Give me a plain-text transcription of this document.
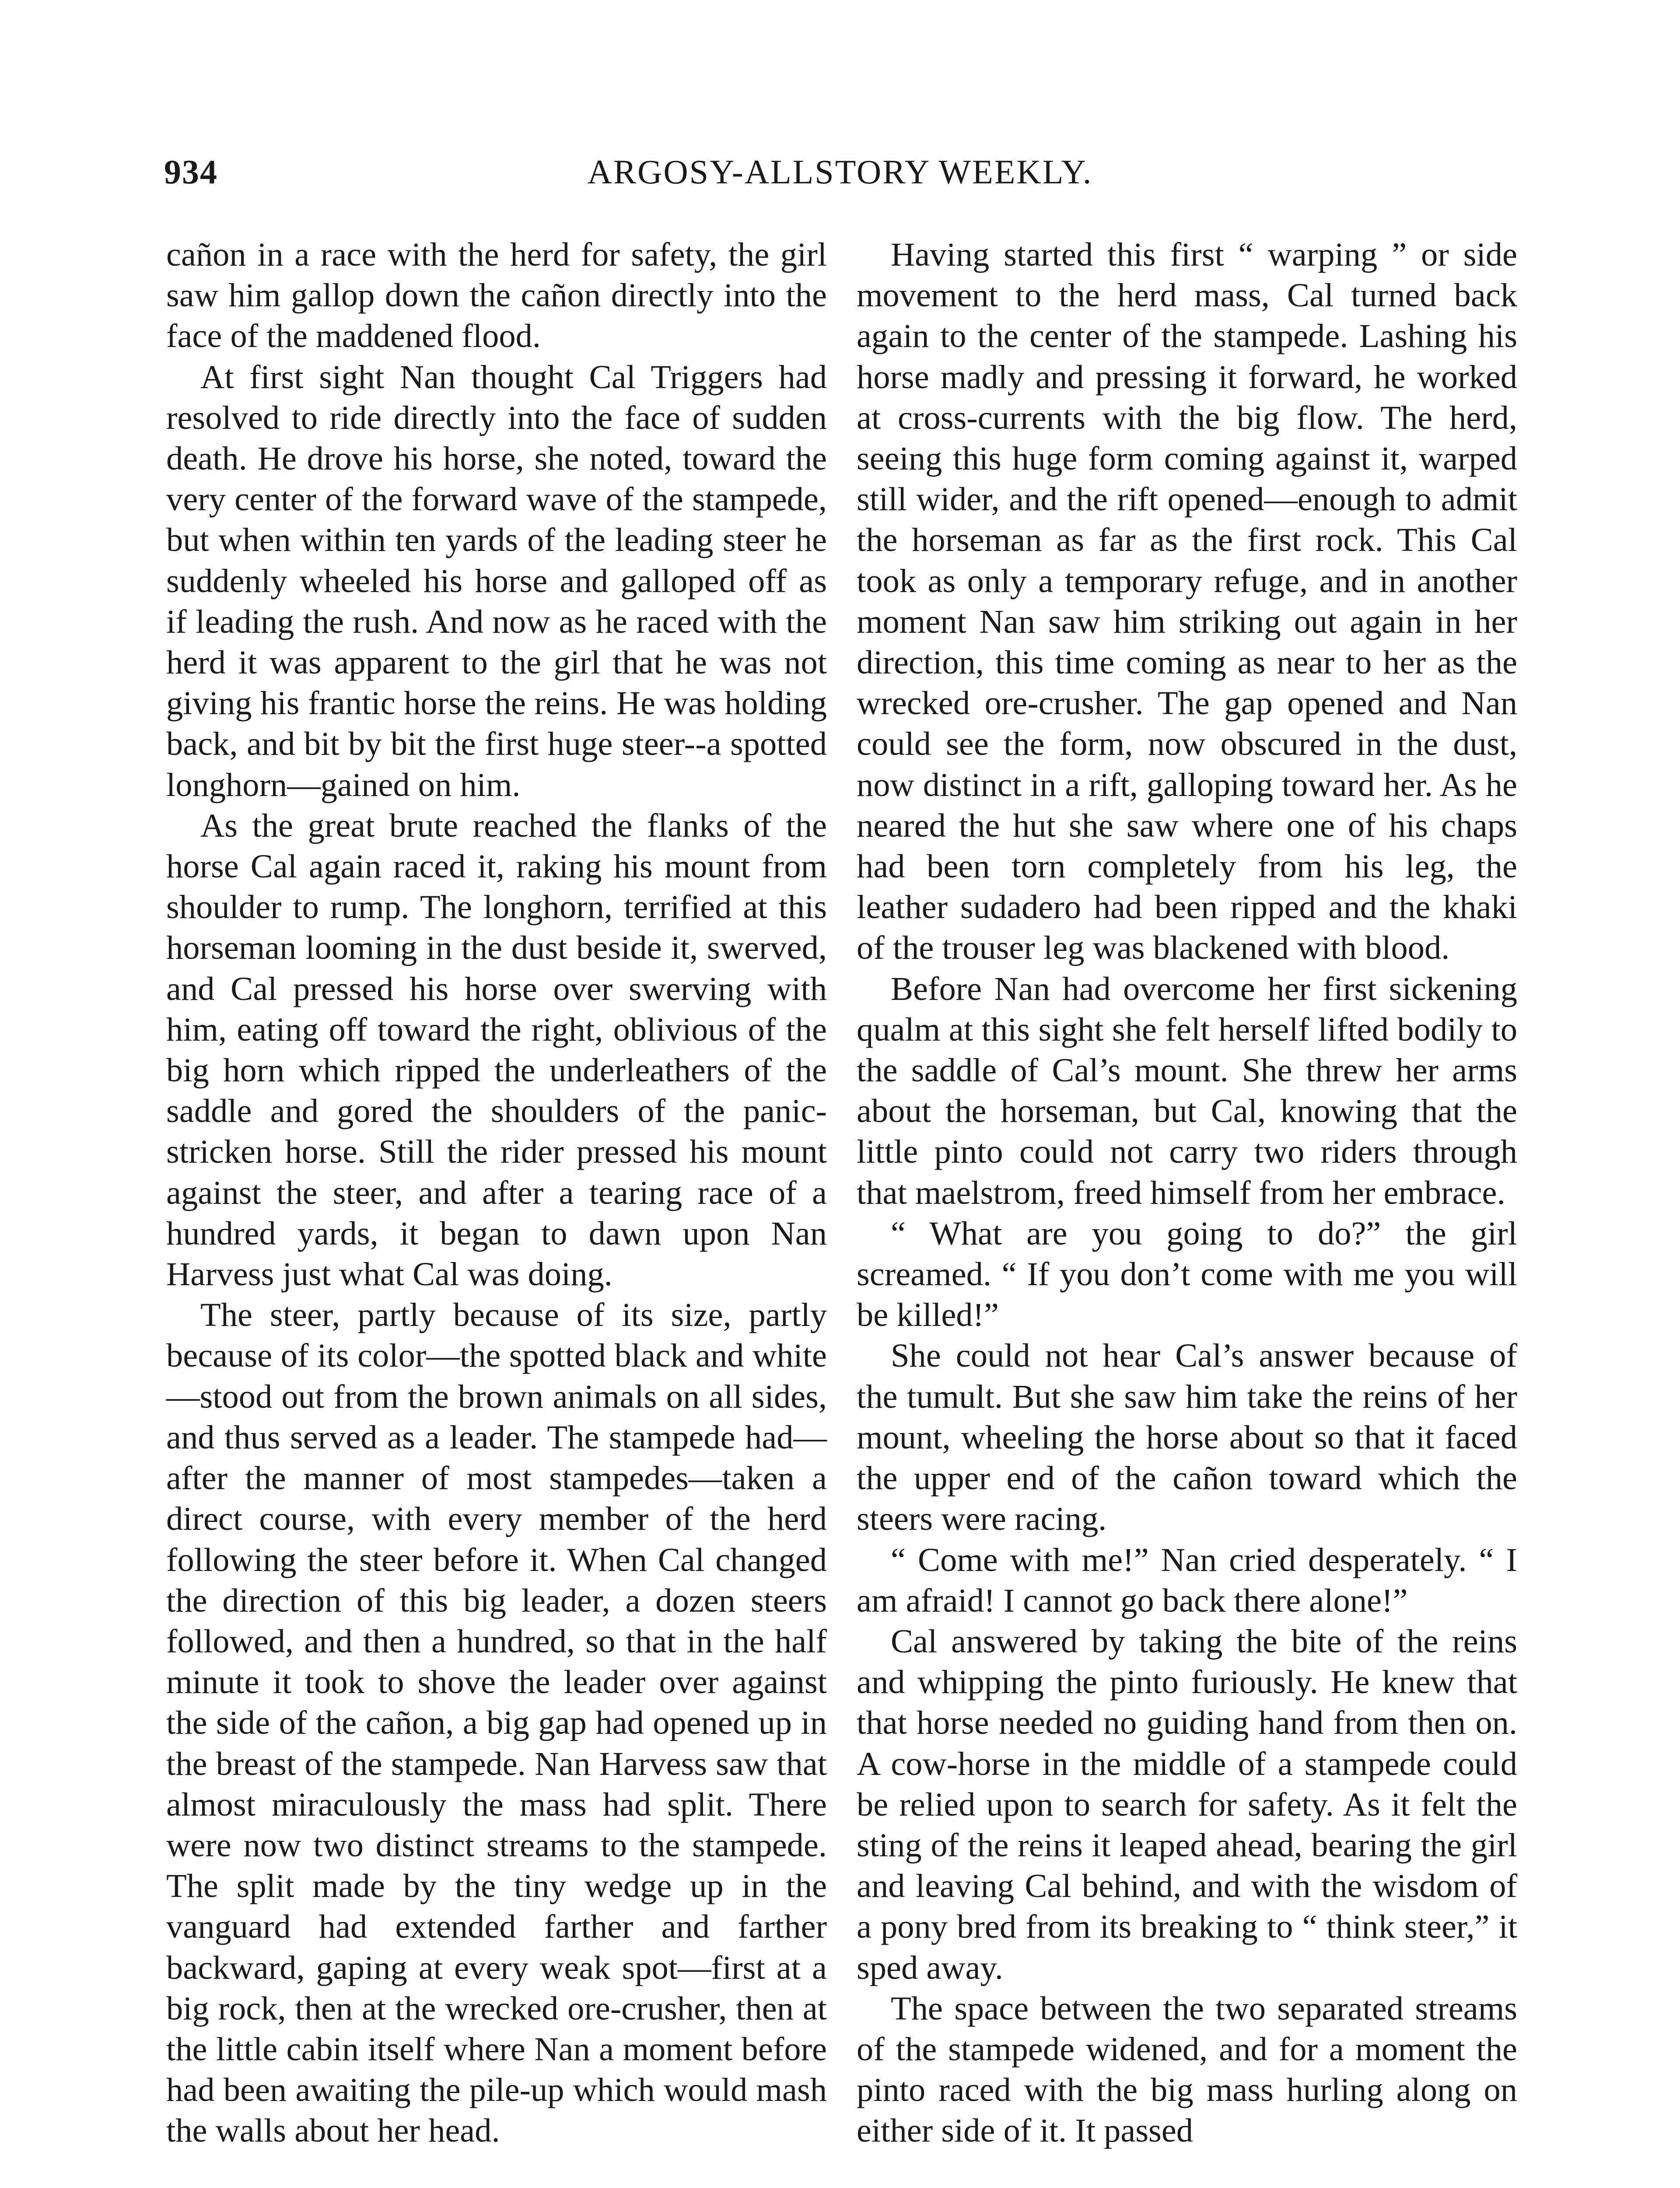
934	ARGOSY-ALLSTORY WEEKLY.

cañon in a race with the herd for safety, the girl saw him gallop down the cañon directly into the face of the maddened flood.

At first sight Nan thought Cal Triggers had resolved to ride directly into the face of sudden death. He drove his horse, she noted, toward the very center of the forward wave of the stampede, but when within ten yards of the leading steer he suddenly wheeled his horse and galloped off as if leading the rush. And now as he raced with the herd it was apparent to the girl that he was not giving his frantic horse the reins. He was holding back, and bit by bit the first huge steer--a spotted longhorn—gained on him.

As the great brute reached the flanks of the horse Cal again raced it, raking his mount from shoulder to rump. The longhorn, terrified at this horseman looming in the dust beside it, swerved, and Cal pressed his horse over swerving with him, eating off toward the right, oblivious of the big horn which ripped the underleathers of the saddle and gored the shoulders of the panic-stricken horse. Still the rider pressed his mount against the steer, and after a tearing race of a hundred yards, it began to dawn upon Nan Harvess just what Cal was doing.

The steer, partly because of its size, partly because of its color—the spotted black and white—stood out from the brown animals on all sides, and thus served as a leader. The stampede had—after the manner of most stampedes—taken a direct course, with every member of the herd following the steer before it. When Cal changed the direction of this big leader, a dozen steers followed, and then a hundred, so that in the half minute it took to shove the leader over against the side of the cañon, a big gap had opened up in the breast of the stampede. Nan Harvess saw that almost miraculously the mass had split. There were now two distinct streams to the stampede. The split made by the tiny wedge up in the vanguard had extended farther and farther backward, gaping at every weak spot—first at a big rock, then at the wrecked ore-crusher, then at the little cabin itself where Nan a moment before had been awaiting the pile-up which would mash the walls about her head.

Having started this first “ warping ” or side movement to the herd mass, Cal turned back again to the center of the stampede. Lashing his horse madly and pressing it forward, he worked at cross-currents with the big flow. The herd, seeing this huge form coming against it, warped still wider, and the rift opened—enough to admit the horseman as far as the first rock. This Cal took as only a temporary refuge, and in another moment Nan saw him striking out again in her direction, this time coming as near to her as the wrecked ore-crusher. The gap opened and Nan could see the form, now obscured in the dust, now distinct in a rift, galloping toward her. As he neared the hut she saw where one of his chaps had been torn completely from his leg, the leather sudadero had been ripped and the khaki of the trouser leg was blackened with blood.

Before Nan had overcome her first sickening qualm at this sight she felt herself lifted bodily to the saddle of Cal’s mount. She threw her arms about the horseman, but Cal, knowing that the little pinto could not carry two riders through that maelstrom, freed himself from her embrace.

“ What are you going to do?” the girl screamed. “ If you don’t come with me you will be killed!”

She could not hear Cal’s answer because of the tumult. But she saw him take the reins of her mount, wheeling the horse about so that it faced the upper end of the cañon toward which the steers were racing.

“ Come with me!” Nan cried desperately. “ I am afraid! I cannot go back there alone!”

Cal answered by taking the bite of the reins and whipping the pinto furiously. He knew that that horse needed no guiding hand from then on. A cow-horse in the middle of a stampede could be relied upon to search for safety. As it felt the sting of the reins it leaped ahead, bearing the girl and leaving Cal behind, and with the wisdom of a pony bred from its breaking to “ think steer,” it sped away.

The space between the two separated streams of the stampede widened, and for a moment the pinto raced with the big mass hurling along on either side of it. It passed
